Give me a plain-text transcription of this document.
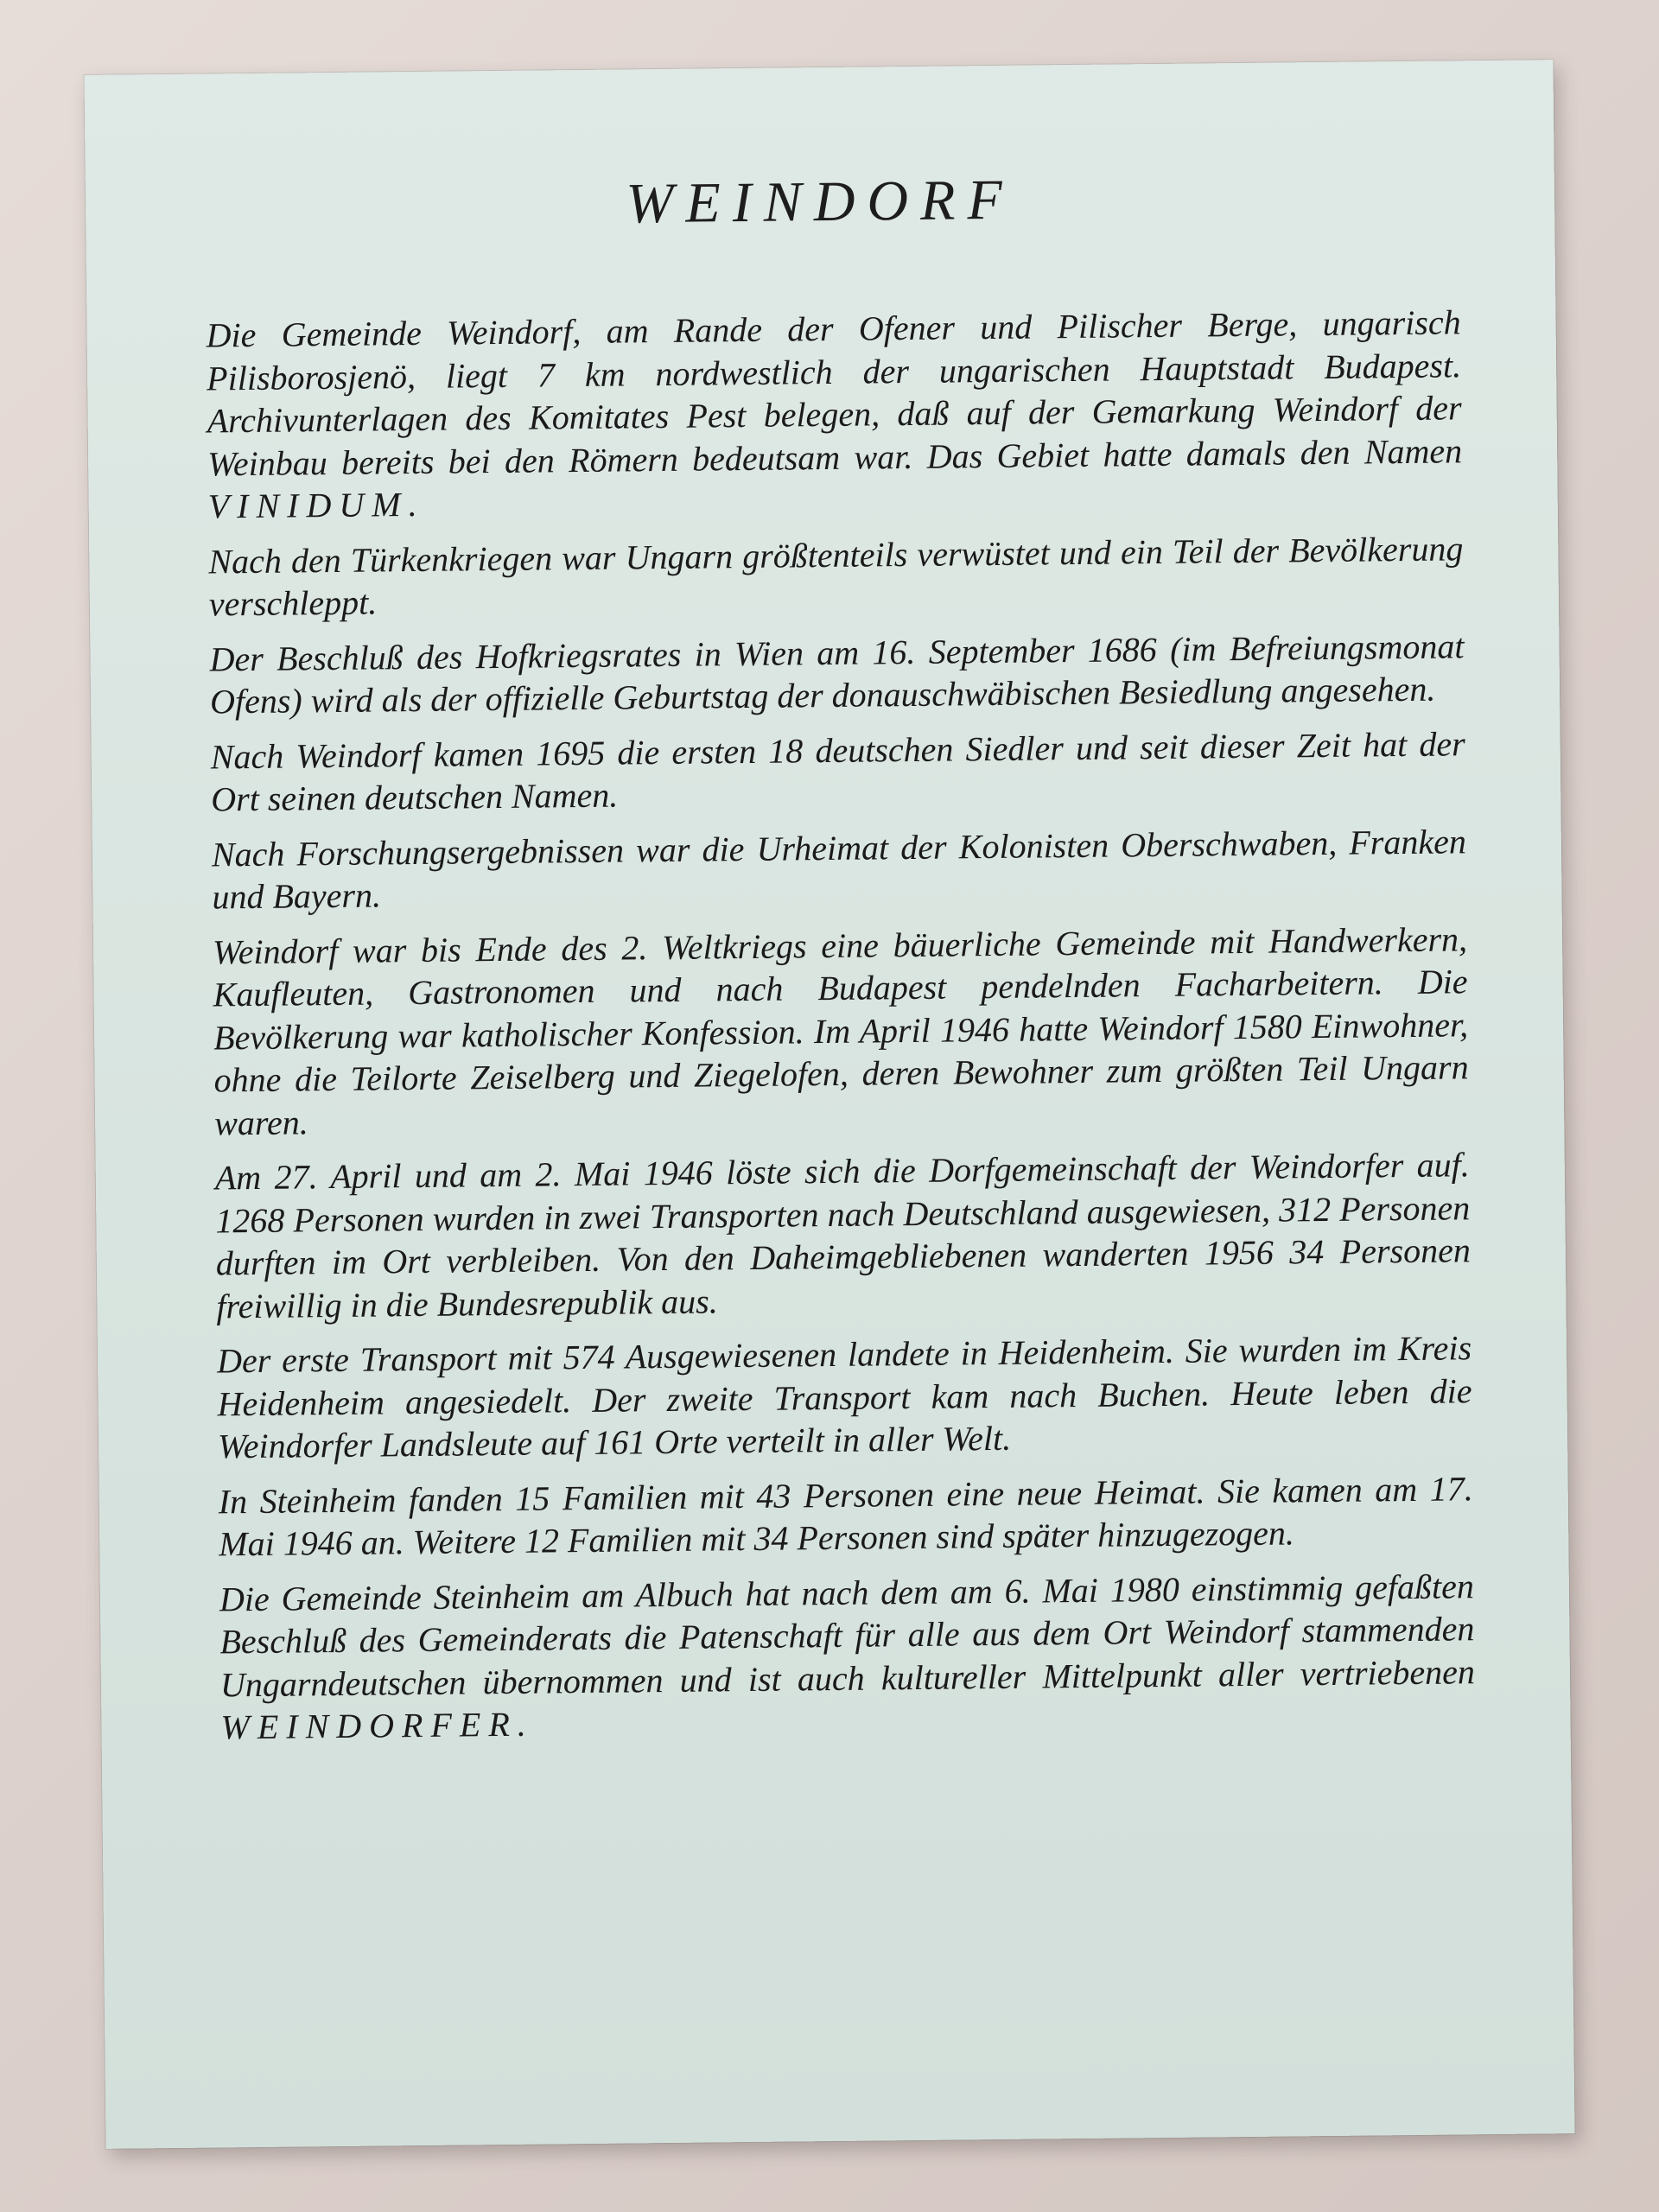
WEINDORF

Die Gemeinde Weindorf, am Rande der Ofener und Pilischer Berge, ungarisch Pilisborosjenö, liegt 7 km nordwestlich der ungarischen Hauptstadt Budapest. Archivunterlagen des Komitates Pest belegen, daß auf der Gemarkung Weindorf der Weinbau bereits bei den Römern bedeutsam war. Das Gebiet hatte damals den Namen VINIDUM.

Nach den Türkenkriegen war Ungarn größtenteils verwüstet und ein Teil der Bevölkerung verschleppt.

Der Beschluß des Hofkriegsrates in Wien am 16. September 1686 (im Befreiungsmonat Ofens) wird als der offizielle Geburtstag der donauschwäbischen Besiedlung angesehen.

Nach Weindorf kamen 1695 die ersten 18 deutschen Siedler und seit dieser Zeit hat der Ort seinen deutschen Namen.

Nach Forschungsergebnissen war die Urheimat der Kolonisten Oberschwaben, Franken und Bayern.

Weindorf war bis Ende des 2. Weltkriegs eine bäuerliche Gemeinde mit Handwerkern, Kaufleuten, Gastronomen und nach Budapest pendelnden Facharbeitern. Die Bevölkerung war katholischer Konfession. Im April 1946 hatte Weindorf 1580 Einwohner, ohne die Teilorte Zeiselberg und Ziegelofen, deren Bewohner zum größten Teil Ungarn waren.

Am 27. April und am 2. Mai 1946 löste sich die Dorfgemeinschaft der Weindorfer auf. 1268 Personen wurden in zwei Transporten nach Deutschland ausgewiesen, 312 Personen durften im Ort verbleiben. Von den Daheimgebliebenen wanderten 1956 34 Personen freiwillig in die Bundesrepublik aus.

Der erste Transport mit 574 Ausgewiesenen landete in Heidenheim. Sie wurden im Kreis Heidenheim angesiedelt. Der zweite Transport kam nach Buchen. Heute leben die Weindorfer Landsleute auf 161 Orte verteilt in aller Welt.

In Steinheim fanden 15 Familien mit 43 Personen eine neue Heimat. Sie kamen am 17. Mai 1946 an. Weitere 12 Familien mit 34 Personen sind später hinzugezogen.

Die Gemeinde Steinheim am Albuch hat nach dem am 6. Mai 1980 einstimmig gefaßten Beschluß des Gemeinderats die Patenschaft für alle aus dem Ort Weindorf stammenden Ungarndeutschen übernommen und ist auch kultureller Mittelpunkt aller vertriebenen WEINDORFER.
